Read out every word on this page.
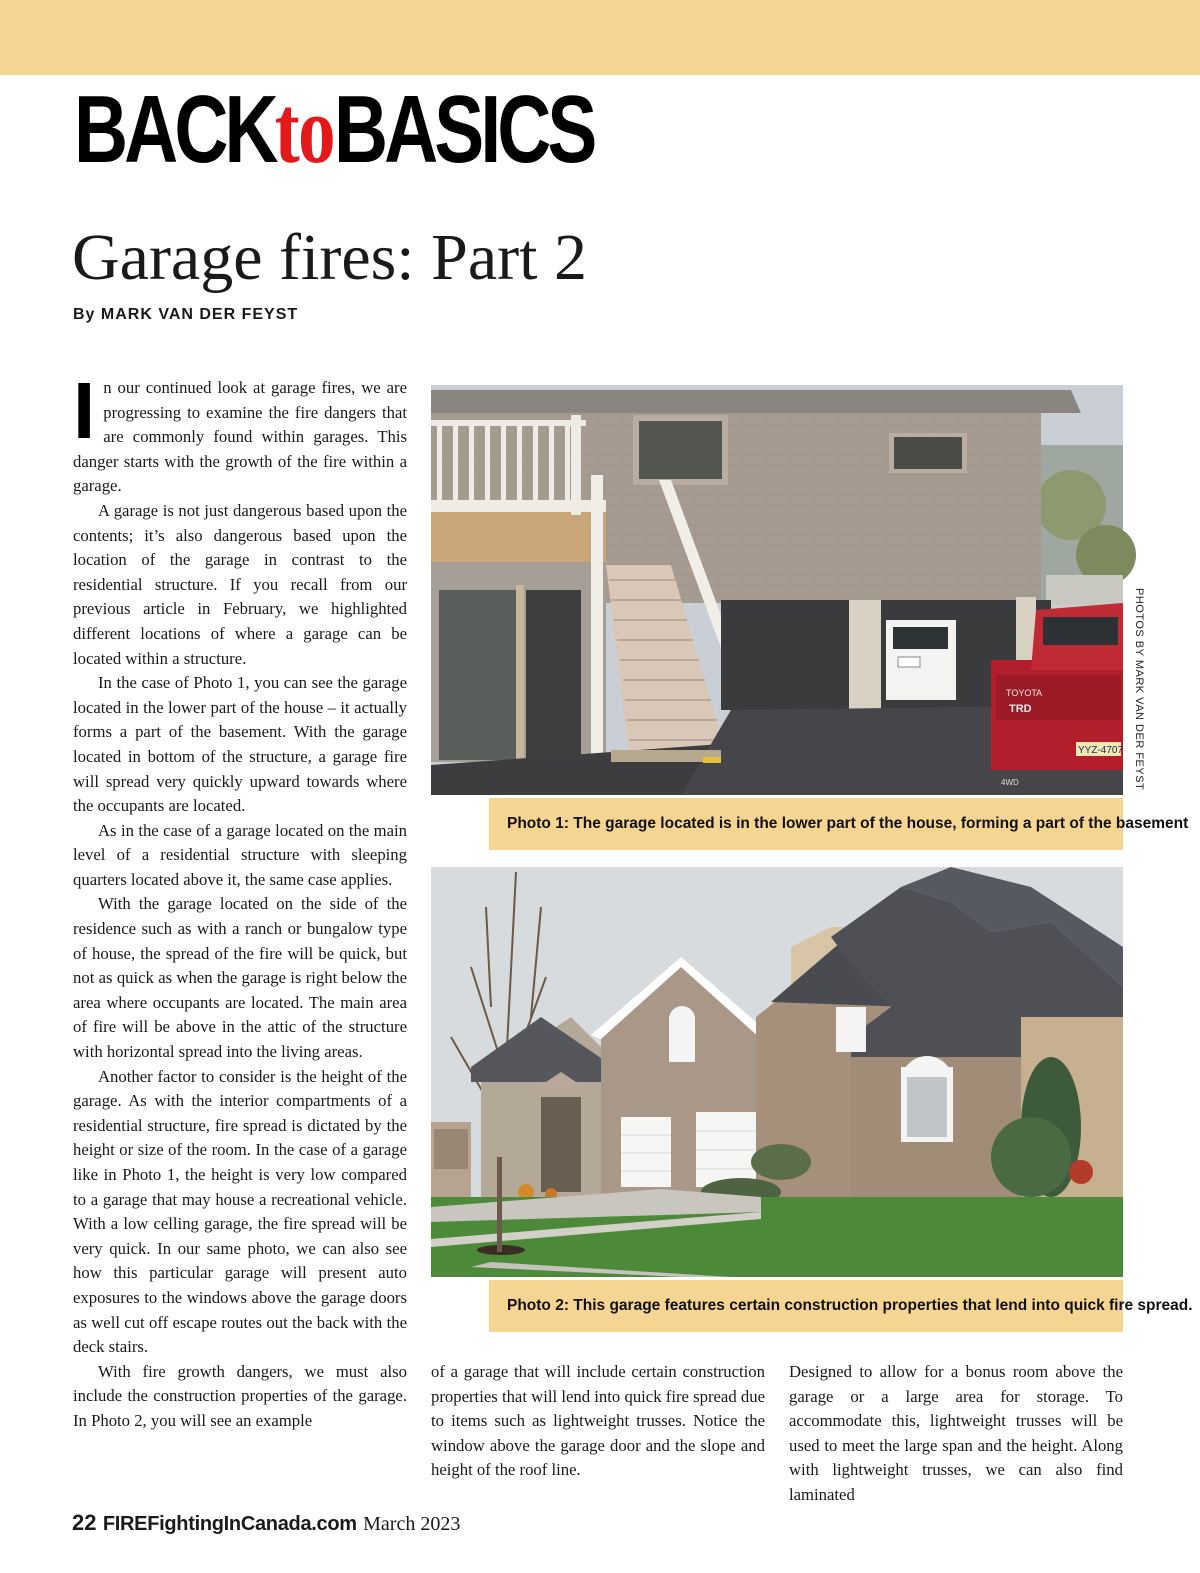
BACKtoBASICS
Garage fires: Part 2
By MARK VAN DER FEYST

In our continued look at garage fires, we are progressing to examine the fire dangers that are commonly found within garages. This danger starts with the growth of the fire within a garage.

A garage is not just dangerous based upon the contents; it’s also dangerous based upon the location of the garage in contrast to the residential structure. If you recall from our previous article in February, we highlighted different locations of where a garage can be located within a structure.

In the case of Photo 1, you can see the garage located in the lower part of the house – it actually forms a part of the basement. With the garage located in bottom of the structure, a garage fire will spread very quickly upward towards where the occupants are located.

As in the case of a garage located on the main level of a residential structure with sleeping quarters located above it, the same case applies.

With the garage located on the side of the residence such as with a ranch or bungalow type of house, the spread of the fire will be quick, but not as quick as when the garage is right below the area where occupants are located. The main area of fire will be above in the attic of the structure with horizontal spread into the living areas.

Another factor to consider is the height of the garage. As with the interior compartments of a residential structure, fire spread is dictated by the height or size of the room. In the case of a garage like in Photo 1, the height is very low compared to a garage that may house a recreational vehicle. With a low celling garage, the fire spread will be very quick. In our same photo, we can also see how this particular garage will present auto exposures to the windows above the garage doors as well cut off escape routes out the back with the deck stairs.

With fire growth dangers, we must also include the construction properties of the garage. In Photo 2, you will see an example

TOYOTA
TRD
YYZ-4707
4WD
Photo 1: The garage located is in the lower part of the house, forming a part of the basement
PHOTOS BY MARK VAN DER FEYST
Photo 2: This garage features certain construction properties that lend into quick fire spread.

of a garage that will include certain construction properties that will lend into quick fire spread due to items such as lightweight trusses. Notice the window above the garage door and the slope and height of the roof line.

Designed to allow for a bonus room above the garage or a large area for storage. To accommodate this, lightweight trusses will be used to meet the large span and the height. Along with lightweight trusses, we can also find laminated

22 FIREFightingInCanada.com March 2023
